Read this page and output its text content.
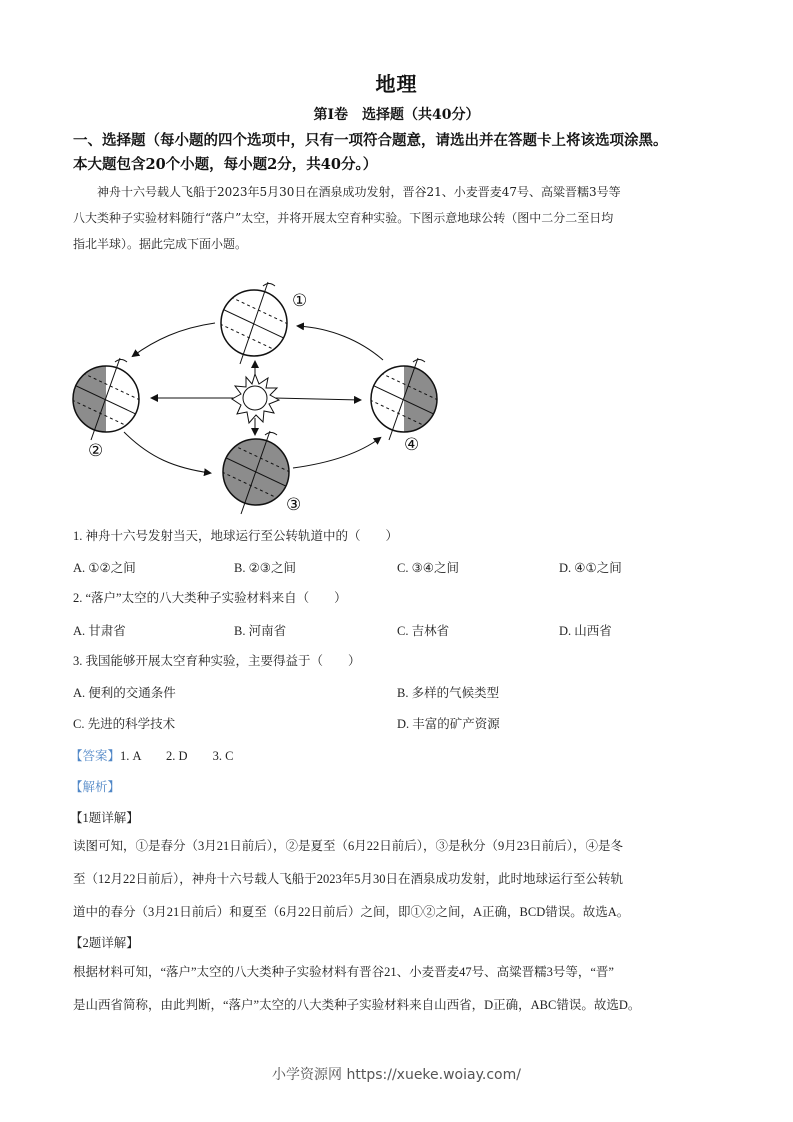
地理
第Ⅰ卷　选择题（共40分）
一、选择题（每小题的四个选项中，只有一项符合题意，请选出并在答题卡上将该选项涂黑。
本大题包含20个小题，每小题2分，共40分。）
　　神舟十六号载人飞船于2023年5月30日在酒泉成功发射，晋谷21、小麦晋麦47号、高粱晋糯3号等
八大类种子实验材料随行“落户”太空，并将开展太空育种实验。下图示意地球公转（图中二分二至日均
指北半球）。据此完成下面小题。
①
②
③
④
1. 神舟十六号发射当天，地球运行至公转轨道中的（　　）
A. ①②之间	B. ②③之间	C. ③④之间	D. ④①之间
2. “落户”太空的八大类种子实验材料来自（　　）
A. 甘肃省	B. 河南省	C. 吉林省	D. 山西省
3. 我国能够开展太空育种实验，主要得益于（　　）
A. 便利的交通条件	B. 多样的气候类型
C. 先进的科学技术	D. 丰富的矿产资源
【答案】1. A 2. D 3. C
【解析】
【1题详解】
读图可知，①是春分（3月21日前后），②是夏至（6月22日前后），③是秋分（9月23日前后），④是冬
至（12月22日前后），神舟十六号载人飞船于2023年5月30日在酒泉成功发射，此时地球运行至公转轨
道中的春分（3月21日前后）和夏至（6月22日前后）之间，即①②之间，A正确，BCD错误。故选A。
【2题详解】
根据材料可知，“落户”太空的八大类种子实验材料有晋谷21、小麦晋麦47号、高粱晋糯3号等，“晋”
是山西省简称，由此判断，“落户”太空的八大类种子实验材料来自山西省，D正确，ABC错误。故选D。
小学资源网 https://xueke.woiay.com/
